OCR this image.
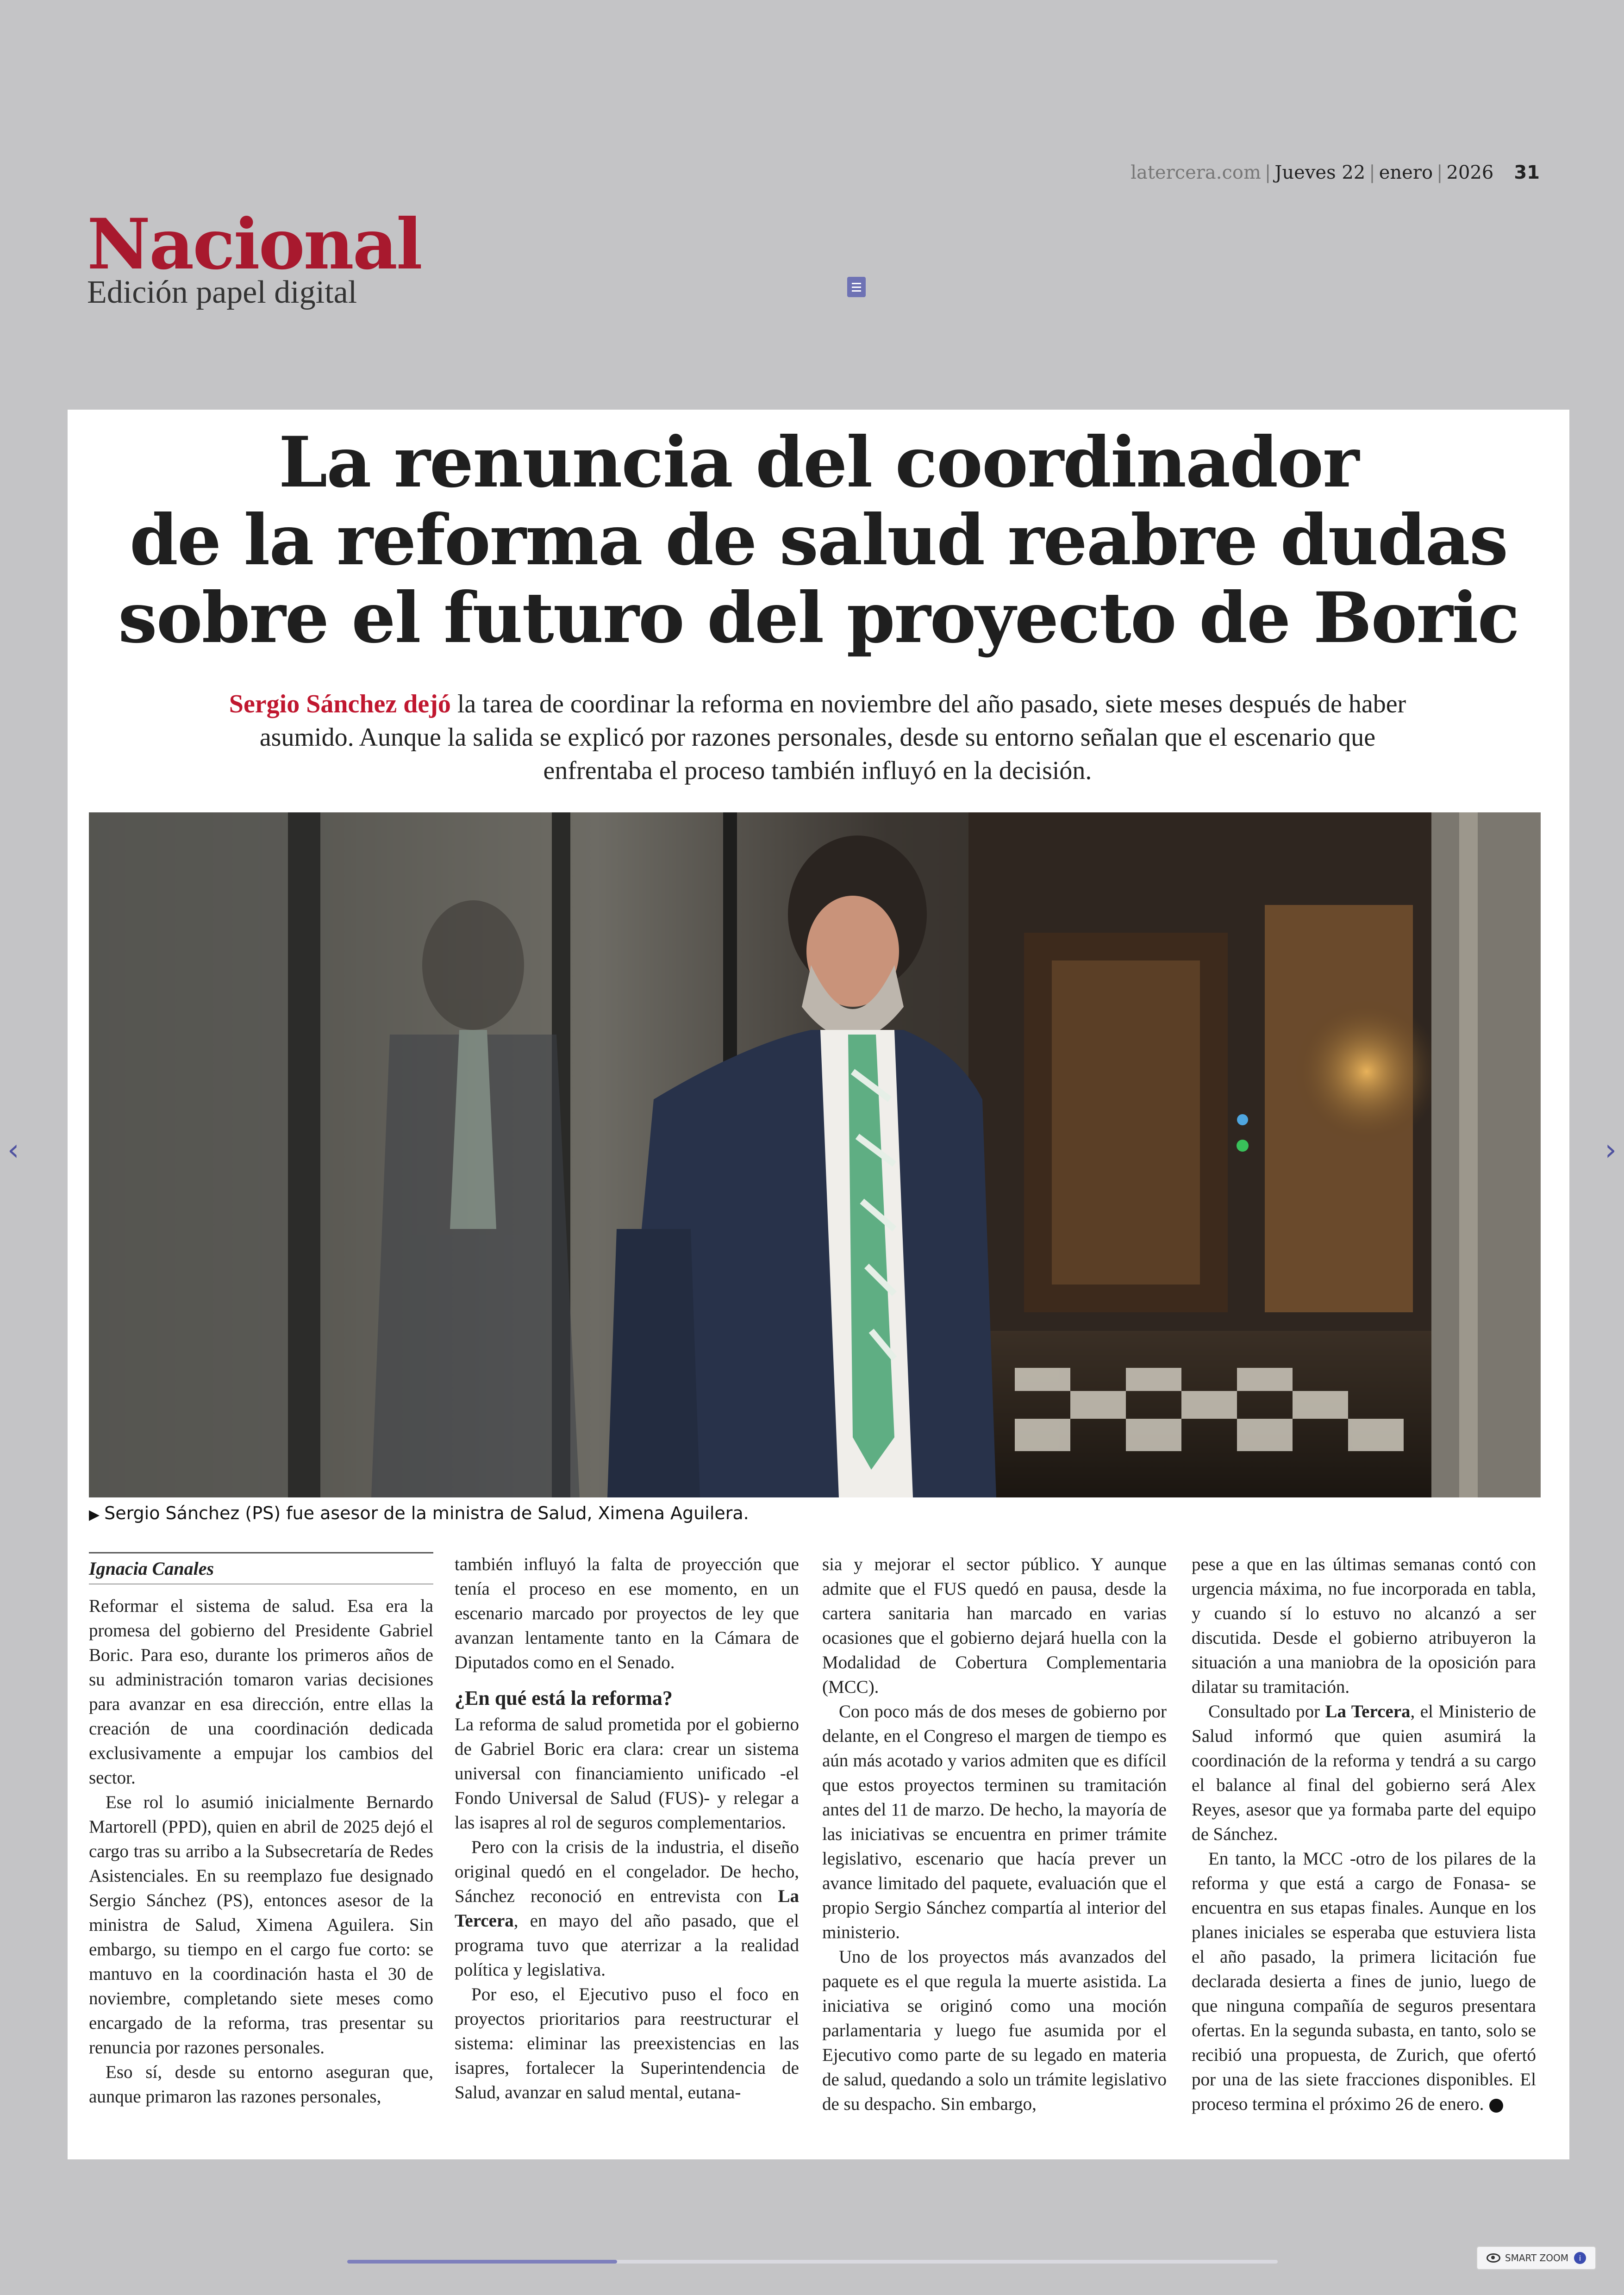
latercera.com | Jueves 22 | enero | 2026 31
Nacional
Edición papel digital
La renuncia del coordinador
de la reforma de salud reabre dudas
sobre el futuro del proyecto de Boric
Sergio Sánchez dejó la tarea de coordinar la reforma en noviembre del año pasado, siete meses después de haber asumido. Aunque la salida se explicó por razones personales, desde su entorno señalan que el escenario que enfrentaba el proceso también influyó en la decisión.
▶ Sergio Sánchez (PS) fue asesor de la ministra de Salud, Ximena Aguilera.
Ignacia Canales

Reformar el sistema de salud. Esa era la promesa del gobierno del Presidente Gabriel Boric. Para eso, durante los primeros años de su administración tomaron varias decisiones para avanzar en esa dirección, entre ellas la creación de una coordinación dedicada exclusivamente a empujar los cambios del sector.

Ese rol lo asumió inicialmente Bernardo Martorell (PPD), quien en abril de 2025 dejó el cargo tras su arribo a la Subsecretaría de Redes Asistenciales. En su reemplazo fue designado Sergio Sánchez (PS), entonces asesor de la ministra de Salud, Ximena Aguilera. Sin embargo, su tiempo en el cargo fue corto: se mantuvo en la coordinación hasta el 30 de noviembre, completando siete meses como encargado de la reforma, tras presentar su renuncia por razones personales.

Eso sí, desde su entorno aseguran que, aunque primaron las razones personales,

también influyó la falta de proyección que tenía el proceso en ese momento, en un escenario marcado por proyectos de ley que avanzan lentamente tanto en la Cámara de Diputados como en el Senado.

¿En qué está la reforma?

La reforma de salud prometida por el gobierno de Gabriel Boric era clara: crear un sistema universal con financiamiento unificado -el Fondo Universal de Salud (FUS)- y relegar a las isapres al rol de seguros complementarios.

Pero con la crisis de la industria, el diseño original quedó en el congelador. De hecho, Sánchez reconoció en entrevista con La Tercera, en mayo del año pasado, que el programa tuvo que aterrizar a la realidad política y legislativa.

Por eso, el Ejecutivo puso el foco en proyectos prioritarios para reestructurar el sistema: eliminar las preexistencias en las isapres, fortalecer la Superintendencia de Salud, avanzar en salud mental, eutana-

sia y mejorar el sector público. Y aunque admite que el FUS quedó en pausa, desde la cartera sanitaria han marcado en varias ocasiones que el gobierno dejará huella con la Modalidad de Cobertura Complementaria (MCC).

Con poco más de dos meses de gobierno por delante, en el Congreso el margen de tiempo es aún más acotado y varios admiten que es difícil que estos proyectos terminen su tramitación antes del 11 de marzo. De hecho, la mayoría de las iniciativas se encuentra en primer trámite legislativo, escenario que hacía prever un avance limitado del paquete, evaluación que el propio Sergio Sánchez compartía al interior del ministerio.

Uno de los proyectos más avanzados del paquete es el que regula la muerte asistida. La iniciativa se originó como una moción parlamentaria y luego fue asumida por el Ejecutivo como parte de su legado en materia de salud, quedando a solo un trámite legislativo de su despacho. Sin embargo,

pese a que en las últimas semanas contó con urgencia máxima, no fue incorporada en tabla, y cuando sí lo estuvo no alcanzó a ser discutida. Desde el gobierno atribuyeron la situación a una maniobra de la oposición para dilatar su tramitación.

Consultado por La Tercera, el Ministerio de Salud informó que quien asumirá la coordinación de la reforma y tendrá a su cargo el balance al final del gobierno será Alex Reyes, asesor que ya formaba parte del equipo de Sánchez.

En tanto, la MCC -otro de los pilares de la reforma y que está a cargo de Fonasa- se encuentra en sus etapas finales. Aunque en los planes iniciales se esperaba que estuviera lista el año pasado, la primera licitación fue declarada desierta a fines de junio, luego de que ninguna compañía de seguros presentara ofertas. En la segunda subasta, en tanto, solo se recibió una propuesta, de Zurich, que ofertó por una de las siete fracciones disponibles. El proceso termina el próximo 26 de enero.

‹	›
SMART ZOOM	i
